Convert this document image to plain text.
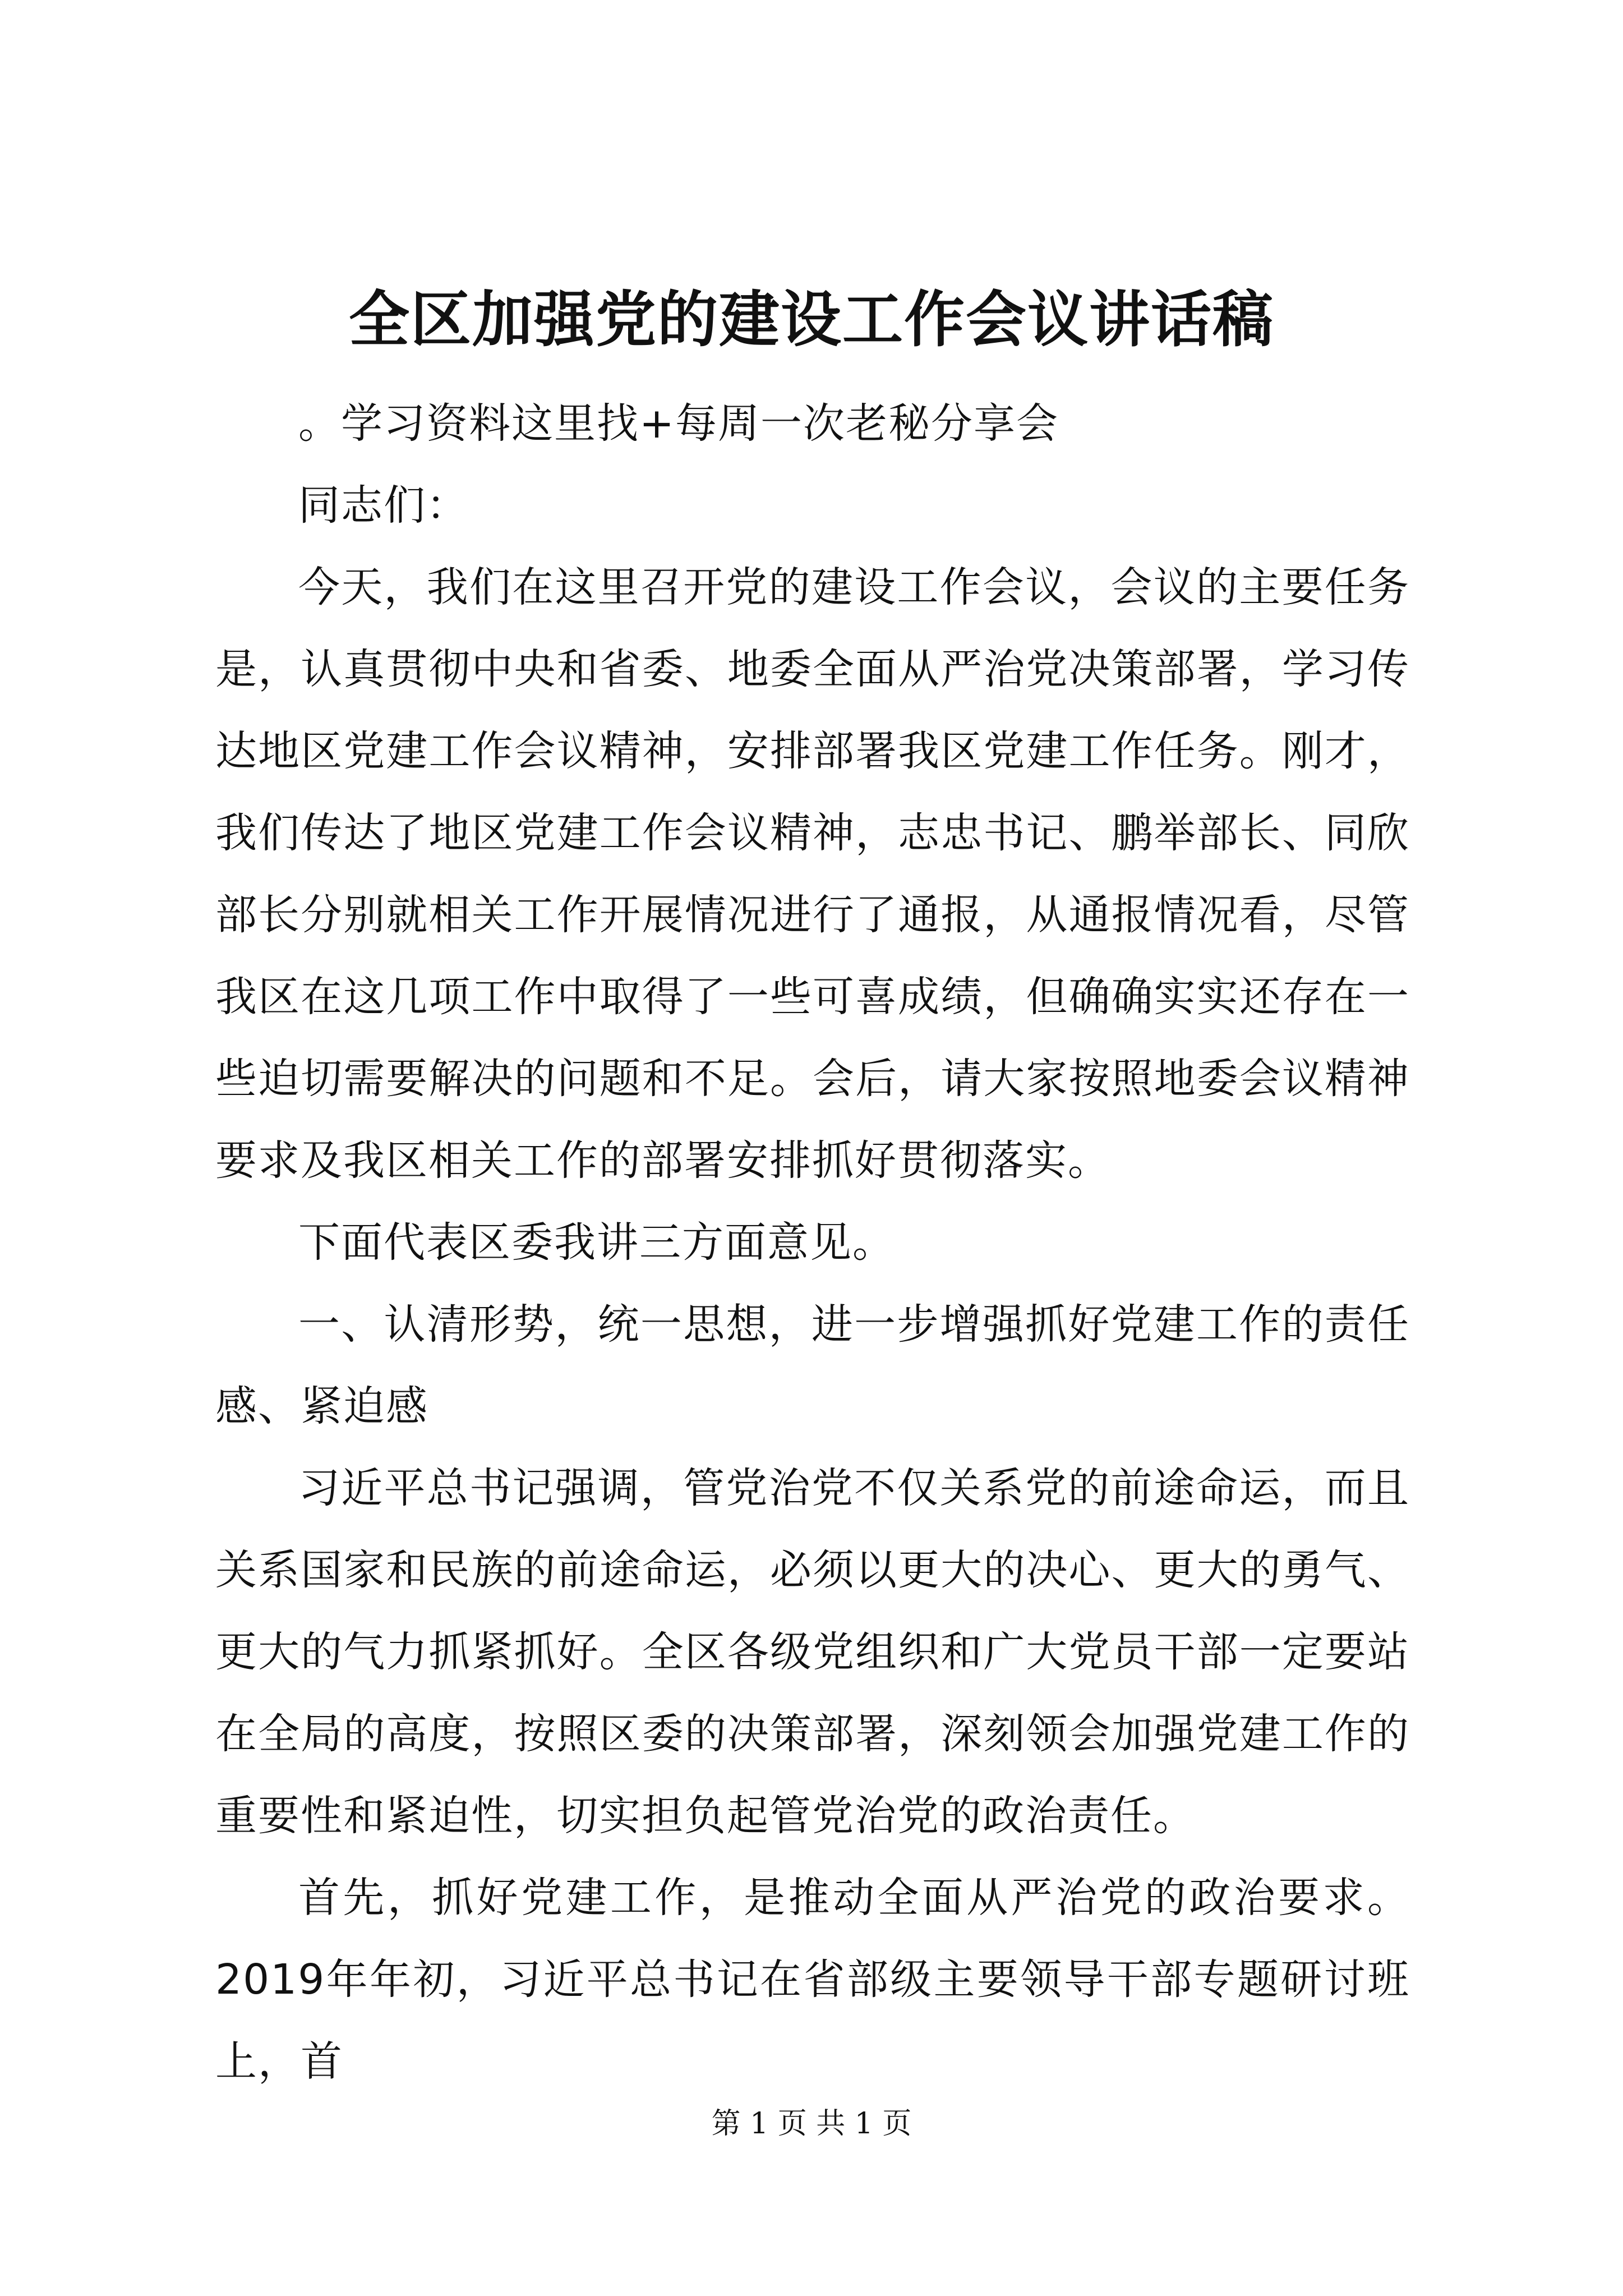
全区加强党的建设工作会议讲话稿

。学习资料这里找+每周一次老秘分享会

同志们：

今天，我们在这里召开党的建设工作会议，会议的主要任务是，认真贯彻中央和省委、地委全面从严治党决策部署，学习传达地区党建工作会议精神，安排部署我区党建工作任务。刚才，我们传达了地区党建工作会议精神，志忠书记、鹏举部长、同欣部长分别就相关工作开展情况进行了通报，从通报情况看，尽管我区在这几项工作中取得了一些可喜成绩，但确确实实还存在一些迫切需要解决的问题和不足。会后，请大家按照地委会议精神要求及我区相关工作的部署安排抓好贯彻落实。

下面代表区委我讲三方面意见。

一、认清形势，统一思想，进一步增强抓好党建工作的责任感、紧迫感

习近平总书记强调，管党治党不仅关系党的前途命运，而且关系国家和民族的前途命运，必须以更大的决心、更大的勇气、更大的气力抓紧抓好。全区各级党组织和广大党员干部一定要站在全局的高度，按照区委的决策部署，深刻领会加强党建工作的重要性和紧迫性，切实担负起管党治党的政治责任。

首先，抓好党建工作，是推动全面从严治党的政治要求。2019年年初，习近平总书记在省部级主要领导干部专题研讨班上，首

第 1 页 共 1 页
